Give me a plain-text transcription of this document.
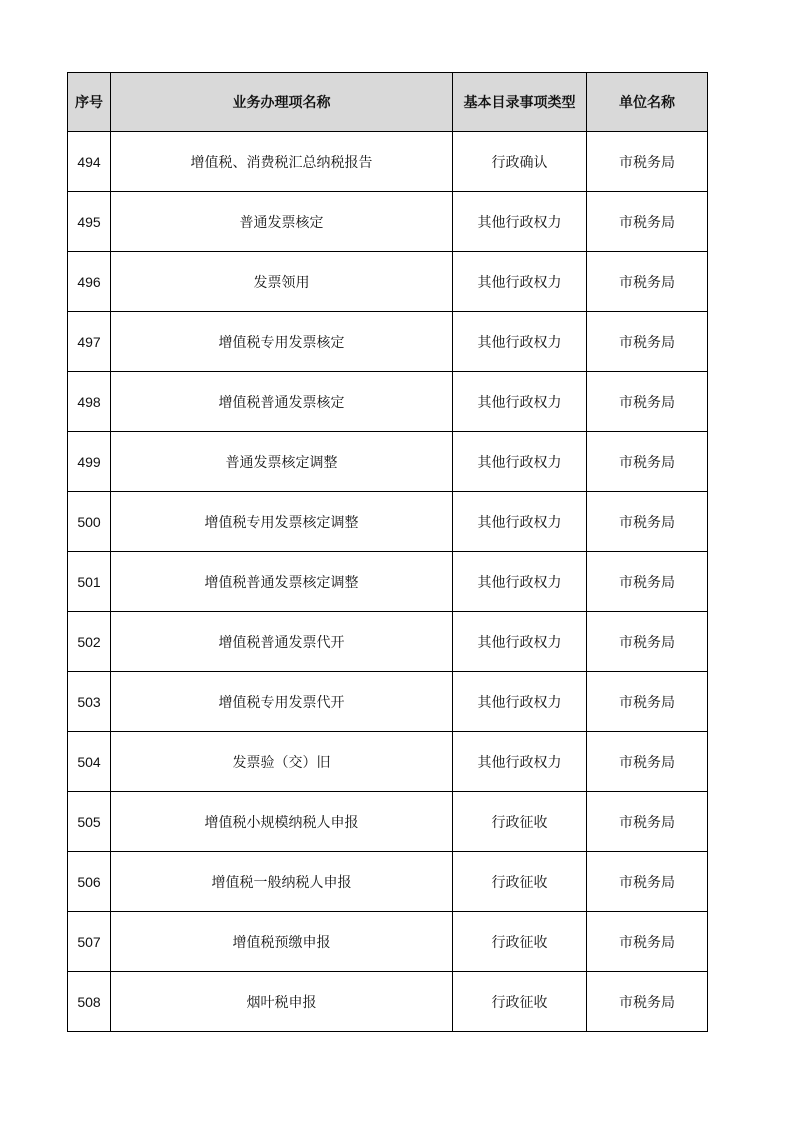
序号	业务办理项名称	基本目录事项类型	单位名称
494	增值税、消费税汇总纳税报告	行政确认	市税务局
495	普通发票核定	其他行政权力	市税务局
496	发票领用	其他行政权力	市税务局
497	增值税专用发票核定	其他行政权力	市税务局
498	增值税普通发票核定	其他行政权力	市税务局
499	普通发票核定调整	其他行政权力	市税务局
500	增值税专用发票核定调整	其他行政权力	市税务局
501	增值税普通发票核定调整	其他行政权力	市税务局
502	增值税普通发票代开	其他行政权力	市税务局
503	增值税专用发票代开	其他行政权力	市税务局
504	发票验（交）旧	其他行政权力	市税务局
505	增值税小规模纳税人申报	行政征收	市税务局
506	增值税一般纳税人申报	行政征收	市税务局
507	增值税预缴申报	行政征收	市税务局
508	烟叶税申报	行政征收	市税务局
